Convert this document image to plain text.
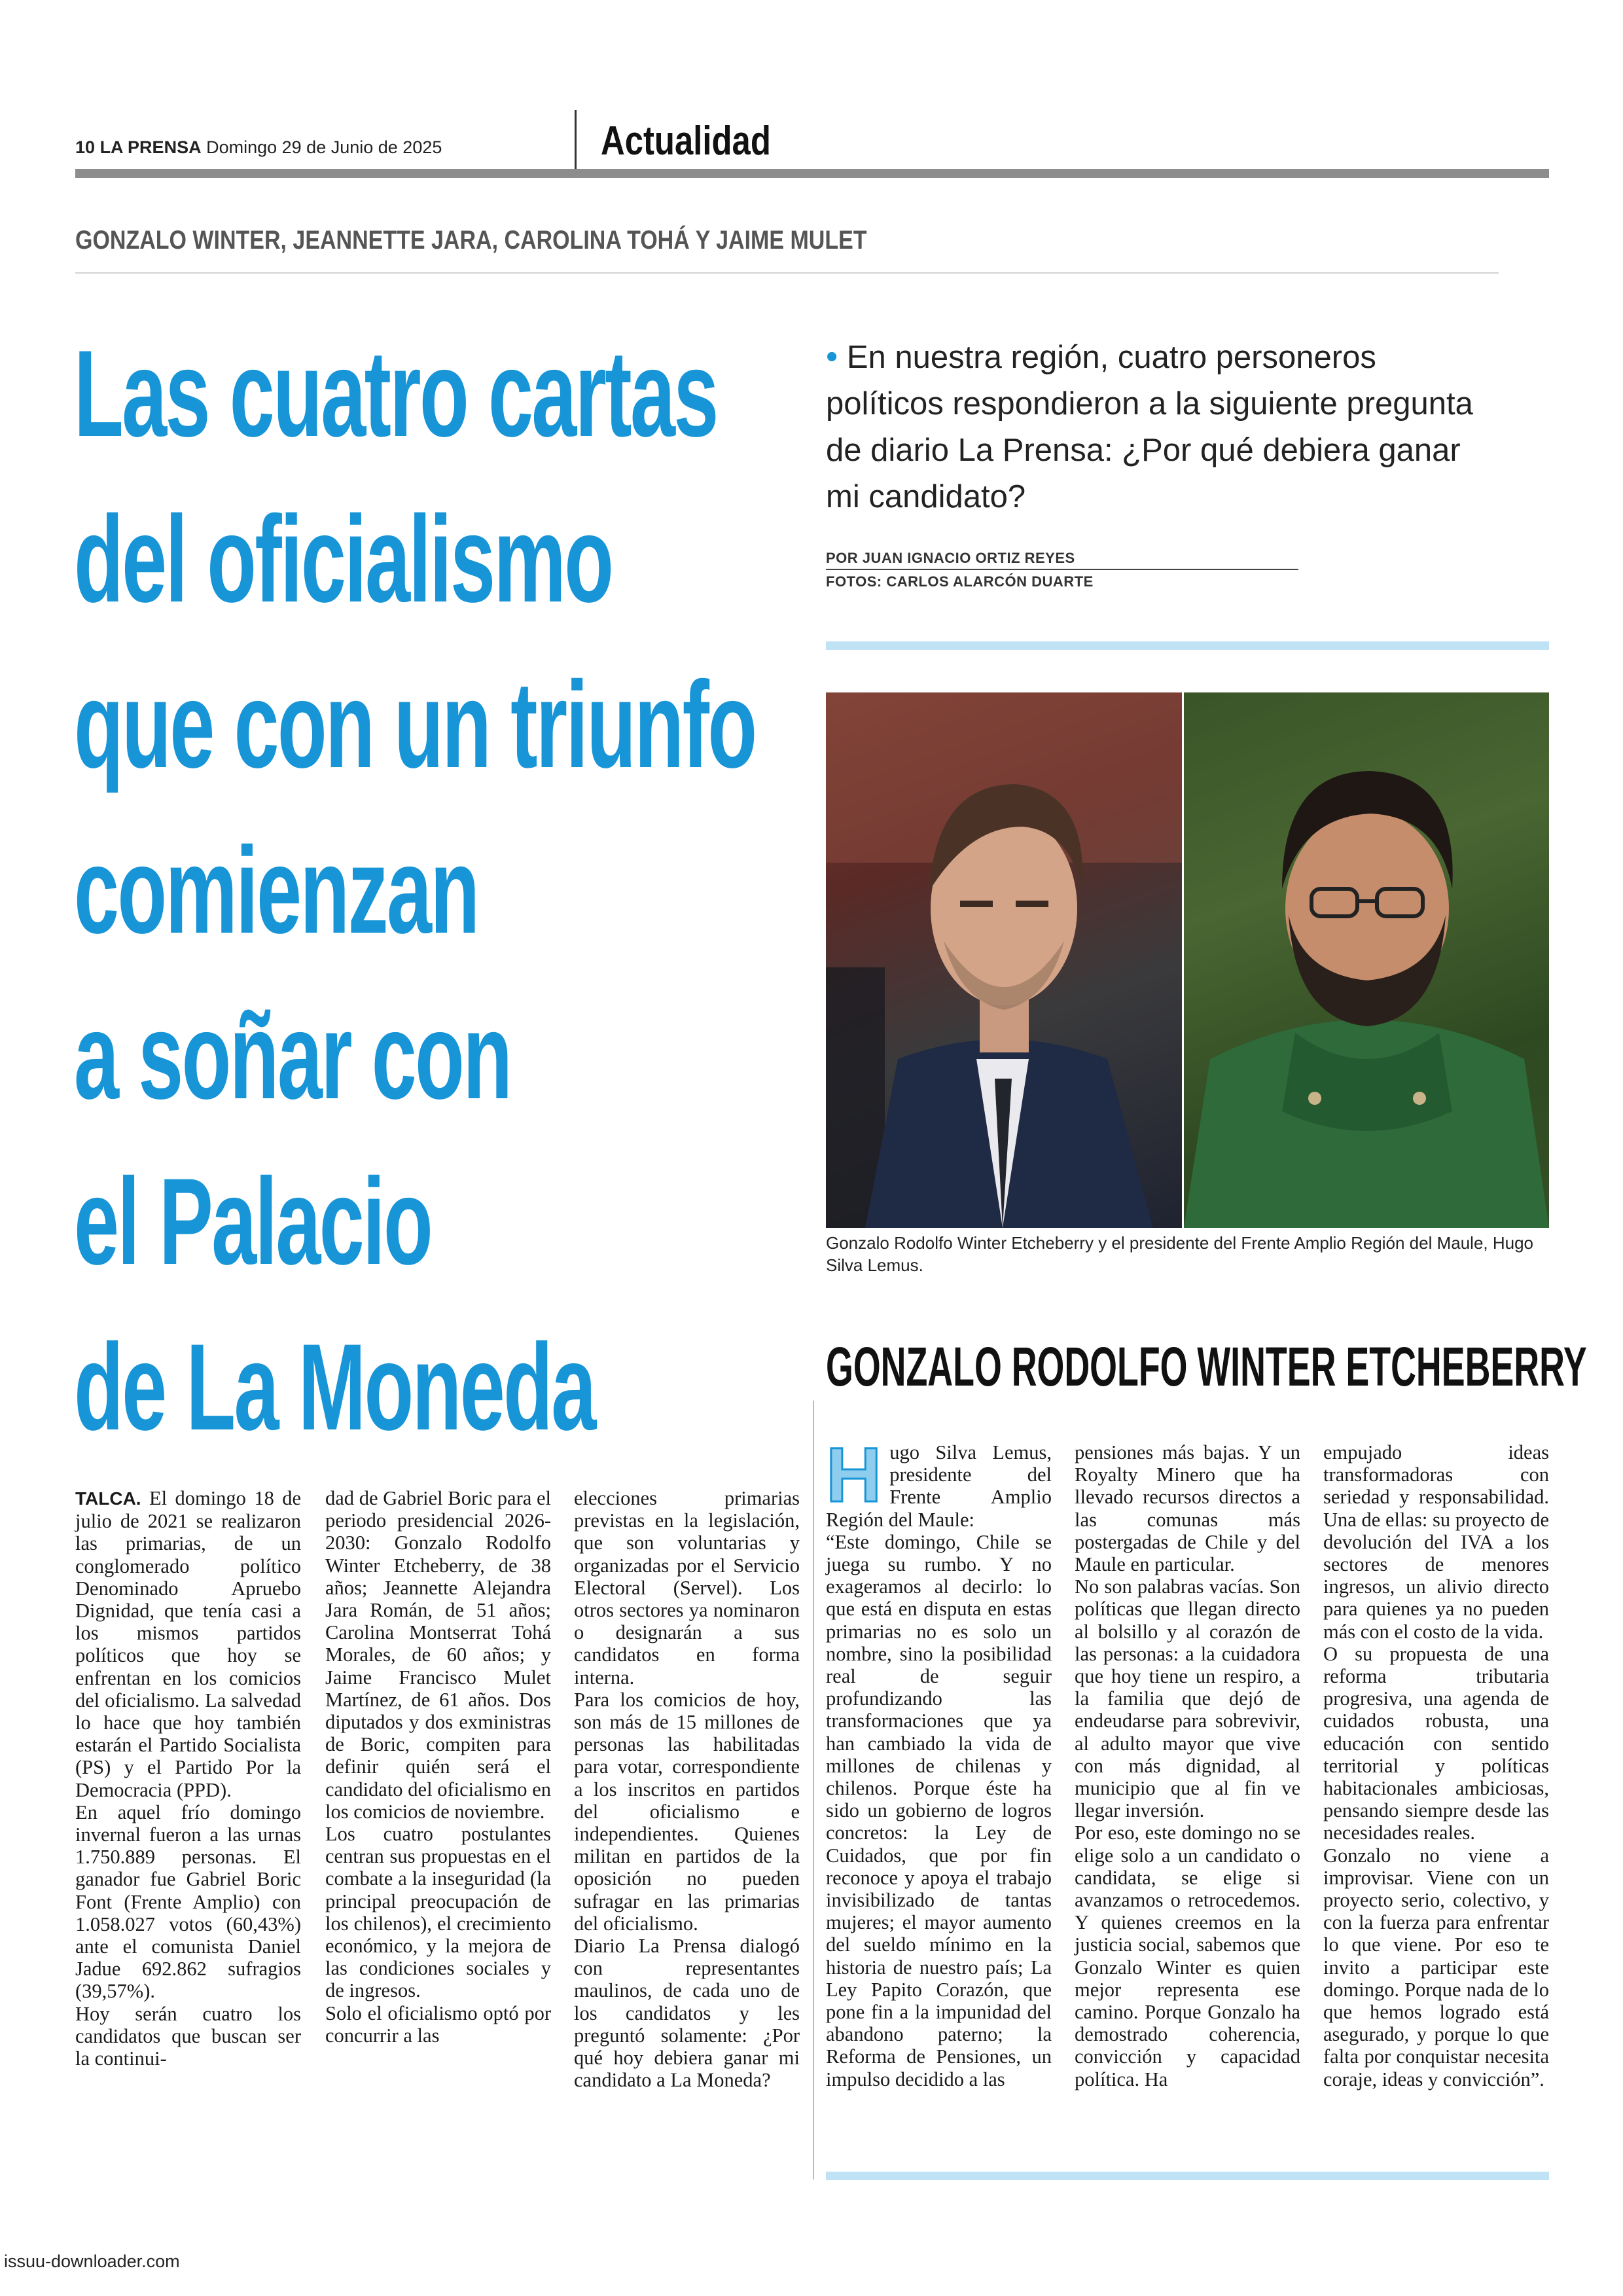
10 LA PRENSA Domingo 29 de Junio de 2025	Actualidad
GONZALO WINTER, JEANNETTE JARA, CAROLINA TOHÁ Y JAIME MULET
Las cuatro cartas
del oficialismo
que con un triunfo
comienzan
a soñar con
el Palacio
de La Moneda
• En nuestra región, cuatro personeros políticos respondieron a la siguiente pregunta de diario La Prensa: ¿Por qué debiera ganar mi candidato?
POR JUAN IGNACIO ORTIZ REYES
FOTOS: CARLOS ALARCÓN DUARTE
Gonzalo Rodolfo Winter Etcheberry y el presidente del Frente Amplio Región del Maule, Hugo Silva Lemus.
GONZALO RODOLFO WINTER ETCHEBERRY

TALCA. El domingo 18 de julio de 2021 se realizaron las primarias, de un conglomerado político Denominado Apruebo Dignidad, que tenía casi a los mismos partidos políticos que hoy se enfrentan en los comicios del oficialismo. La salvedad lo hace que hoy también estarán el Partido Socialista (PS) y el Partido Por la Democracia (PPD).

En aquel frío domingo invernal fueron a las urnas 1.750.889 personas. El ganador fue Gabriel Boric Font (Frente Amplio) con 1.058.027 votos (60,43%) ante el comunista Daniel Jadue 692.862 sufragios (39,57%).

Hoy serán cuatro los candidatos que buscan ser la continui-

dad de Gabriel Boric para el periodo presidencial 2026-2030: Gonzalo Rodolfo Winter Etcheberry, de 38 años; Jeannette Alejandra Jara Román, de 51 años; Carolina Montserrat Tohá Morales, de 60 años; y Jaime Francisco Mulet Martínez, de 61 años. Dos diputados y dos exministras de Boric, compiten para definir quién será el candidato del oficialismo en los comicios de noviembre.

Los cuatro postulantes centran sus propuestas en el combate a la inseguridad (la principal preocupación de los chilenos), el crecimiento económico, y la mejora de las condiciones sociales y de ingresos.

Solo el oficialismo optó por concurrir a las

elecciones primarias previstas en la legislación, que son voluntarias y organizadas por el Servicio Electoral (Servel). Los otros sectores ya nominaron o designarán a sus candidatos en forma interna.

Para los comicios de hoy, son más de 15 millones de personas las habilitadas para votar, correspondiente a los inscritos en partidos del oficialismo e independientes. Quienes militan en partidos de la oposición no pueden sufragar en las primarias del oficialismo.

Diario La Prensa dialogó con representantes maulinos, de cada uno de los candidatos y les preguntó solamente: ¿Por qué hoy debiera ganar mi candidato a La Moneda?

Hugo Silva Lemus, presidente del Frente Amplio Región del Maule:

“Este domingo, Chile se juega su rumbo. Y no exageramos al decirlo: lo que está en disputa en estas primarias no es solo un nombre, sino la posibilidad real de seguir profundizando las transformaciones que ya han cambiado la vida de millones de chilenas y chilenos. Porque éste ha sido un gobierno de logros concretos: la Ley de Cuidados, que por fin reconoce y apoya el trabajo invisibilizado de tantas mujeres; el mayor aumento del sueldo mínimo en la historia de nuestro país; La Ley Papito Corazón, que pone fin a la impunidad del abandono paterno; la Reforma de Pensiones, un impulso decidido a las

pensiones más bajas. Y un Royalty Minero que ha llevado recursos directos a las comunas más postergadas de Chile y del Maule en particular.

No son palabras vacías. Son políticas que llegan directo al bolsillo y al corazón de las personas: a la cuidadora que hoy tiene un respiro, a la familia que dejó de endeudarse para sobrevivir, al adulto mayor que vive con más dignidad, al municipio que al fin ve llegar inversión.

Por eso, este domingo no se elige solo a un candidato o candidata, se elige si avanzamos o retrocedemos. Y quienes creemos en la justicia social, sabemos que Gonzalo Winter es quien mejor representa ese camino. Porque Gonzalo ha demostrado coherencia, convicción y capacidad política. Ha

empujado ideas transformadoras con seriedad y responsabilidad. Una de ellas: su proyecto de devolución del IVA a los sectores de menores ingresos, un alivio directo para quienes ya no pueden más con el costo de la vida.

O su propuesta de una reforma tributaria progresiva, una agenda de cuidados robusta, una educación con sentido territorial y políticas habitacionales ambiciosas, pensando siempre desde las necesidades reales.

Gonzalo no viene a improvisar. Viene con un proyecto serio, colectivo, y con la fuerza para enfrentar lo que viene. Por eso te invito a participar este domingo. Porque nada de lo que hemos logrado está asegurado, y porque lo que falta por conquistar necesita coraje, ideas y convicción”.

issuu-downloader.com
